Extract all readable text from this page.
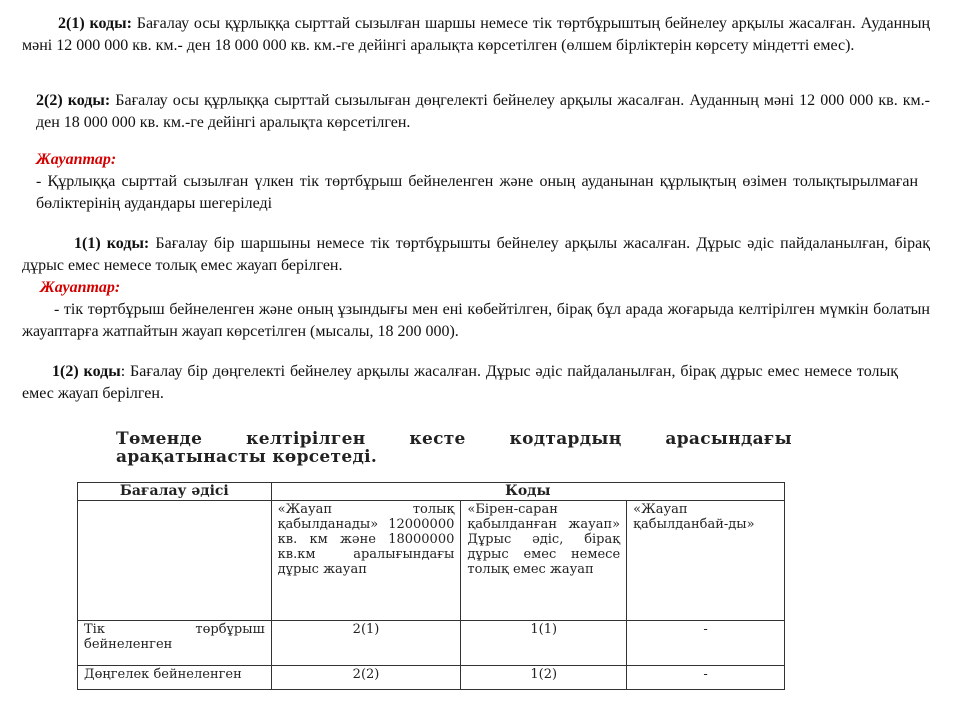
2(1) коды: Бағалау осы құрлыққа сырттай сызылған шаршы немесе тік төртбұрыштың бейнелеу арқылы жасалған. Ауданның мәні 12 000 000 кв. км.- ден 18 000 000 кв. км.-ге дейінгі аралықта көрсетілген (өлшем бірліктерін көрсету міндетті емес).

2(2) коды: Бағалау осы құрлыққа сырттай сызылыған дөңгелекті бейнелеу арқылы жасалған. Ауданның мәні 12 000 000 кв. км.-ден 18 000 000 кв. км.-ге дейінгі аралықта көрсетілген.

Жауаптар:
- Құрлыққа сырттай сызылған үлкен тік төртбұрыш бейнеленген және оның ауданынан құрлықтың өзімен толықтырылмаған бөліктерінің аудандары шегеріледі

1(1) коды: Бағалау бір шаршыны немесе тік төртбұрышты бейнелеу арқылы жасалған. Дұрыс әдіс пайдаланылған, бірақ дұрыс емес немесе толық емес жауап берілген.

Жауаптар:
- тік төртбұрыш бейнеленген және оның ұзындығы мен ені көбейтілген, бірақ бұл арада жоғарыда келтірілген мүмкін болатын жауаптарға жатпайтын жауап көрсетілген (мысалы, 18 200 000).

1(2) коды: Бағалау бір дөңгелекті бейнелеу арқылы жасалған. Дұрыс әдіс пайдаланылған, бірақ дұрыс емес немесе толық емес жауап берілген.

Төменде келтірілген кесте кодтардың арасындағы арақатынасты көрсетеді.
Бағалау әдісі	Коды		
	«Жауап толық қабылданады» 12000000 кв. км және 18000000 кв.км аралығындағы дұрыс жауап	«Бірен-саран қабылданған жауап» Дұрыс әдіс, бірақ дұрыс емес немесе толық емес жауап	«Жауап қабылданбай-ды»
Тік төрбұрыш бейнеленген	2(1)	1(1)	-
Дөңгелек бейнеленген	2(2)	1(2)	-
